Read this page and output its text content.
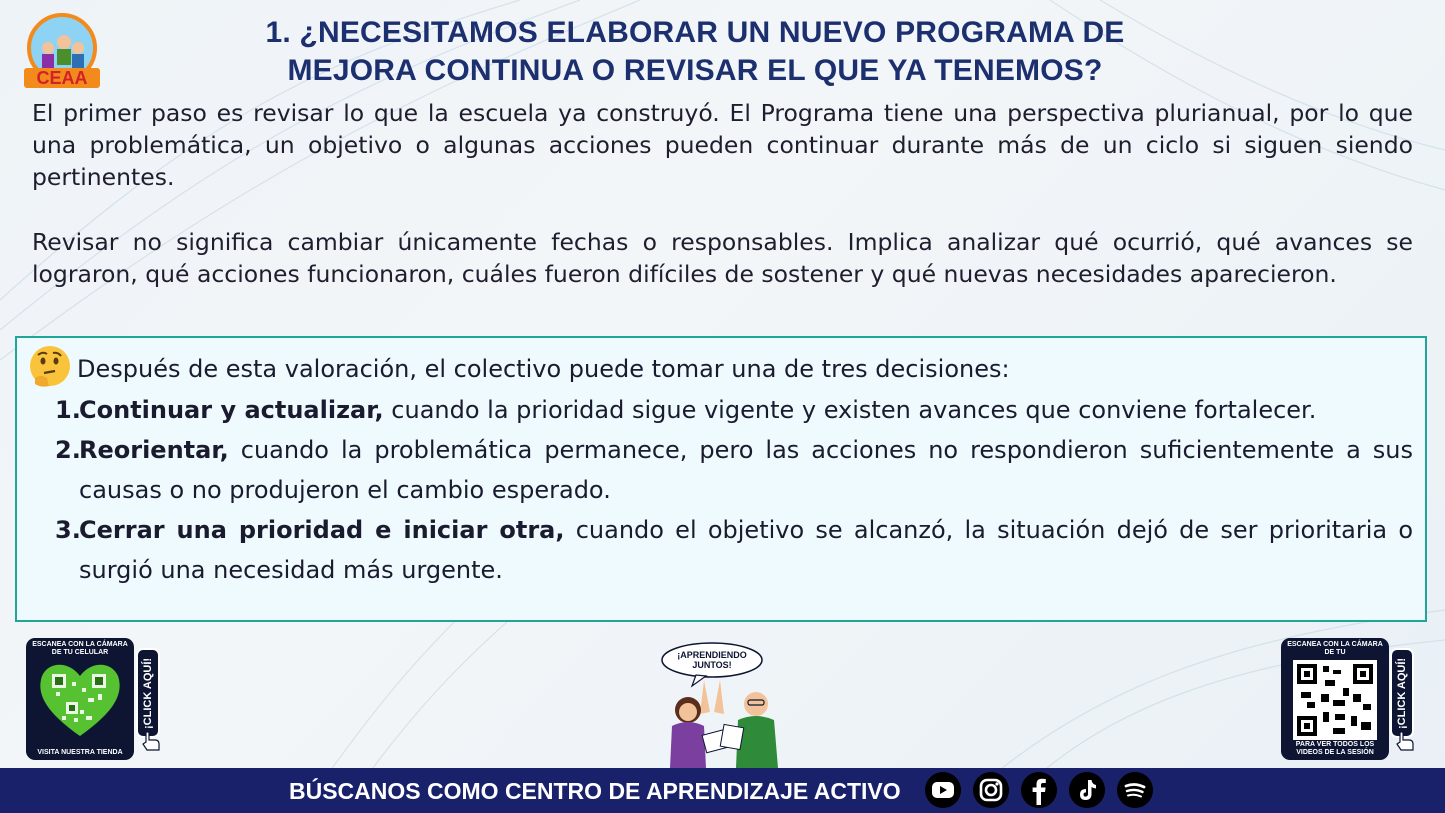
CEAA
1. ¿NECESITAMOS ELABORAR UN NUEVO PROGRAMA DE
MEJORA CONTINUA O REVISAR EL QUE YA TENEMOS?
El primer paso es revisar lo que la escuela ya construyó. El Programa tiene una perspectiva plurianual, por lo que una problemática, un objetivo o algunas acciones pueden continuar durante más de un ciclo si siguen siendo pertinentes.
Revisar no significa cambiar únicamente fechas o responsables. Implica analizar qué ocurrió, qué avances se lograron, qué acciones funcionaron, cuáles fueron difíciles de sostener y qué nuevas necesidades aparecieron.
Después de esta valoración, el colectivo puede tomar una de tres decisiones:
1.
Continuar y actualizar, cuando la prioridad sigue vigente y existen avances que conviene fortalecer.
2.
Reorientar, cuando la problemática permanece, pero las acciones no respondieron suficientemente a sus causas o no produjeron el cambio esperado.
3.
Cerrar una prioridad e iniciar otra, cuando el objetivo se alcanzó, la situación dejó de ser prioritaria o surgió una necesidad más urgente.
ESCANEA CON LA CÁMARA DE TU CELULAR
VISITA NUESTRA TIENDA
¡CLICK AQUÍ!
¡APRENDIENDO JUNTOS!
ESCANEA CON LA CÁMARA DE TU
PARA VER TODOS LOS VIDEOS DE LA SESIÓN
¡CLICK AQUÍ!
BÚSCANOS COMO CENTRO DE APRENDIZAJE ACTIVO
